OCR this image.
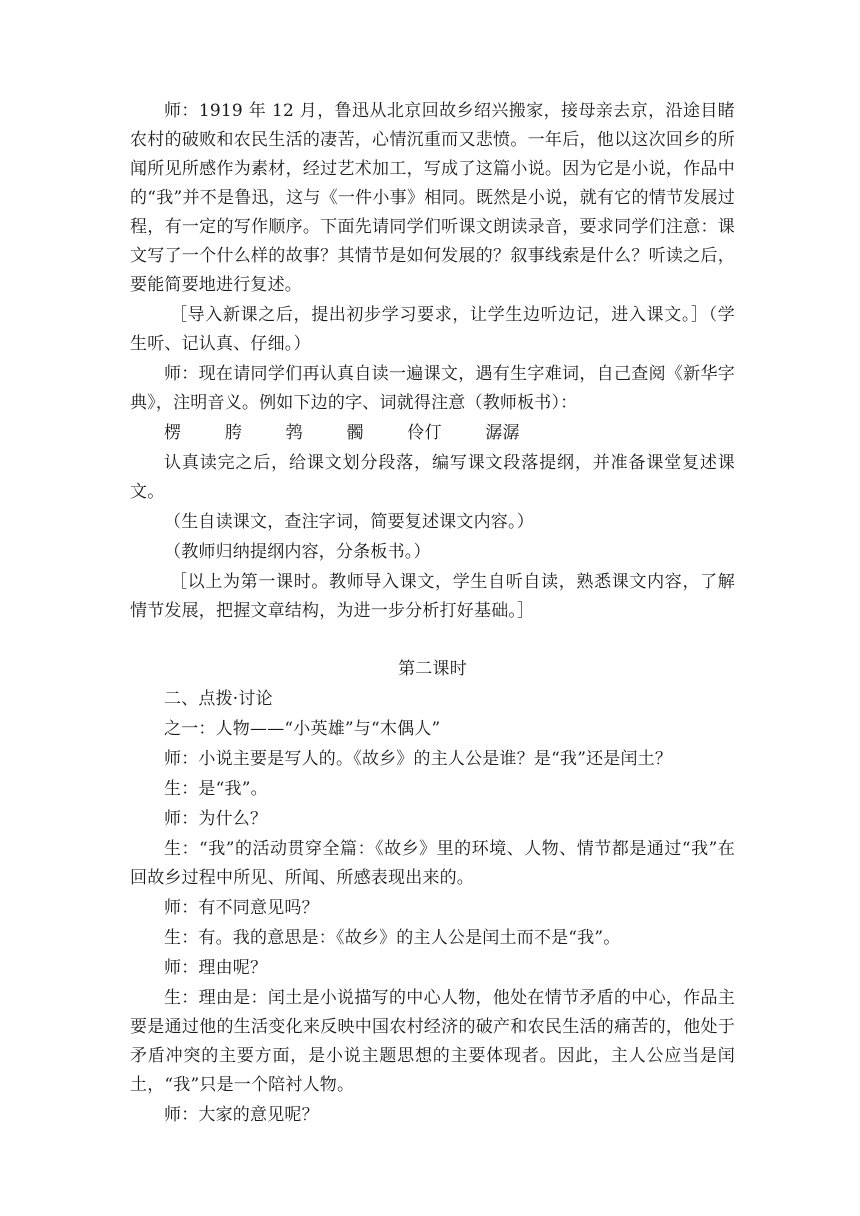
师：1919 年 12 月，鲁迅从北京回故乡绍兴搬家，接母亲去京，沿途目睹农村的破败和农民生活的凄苦，心情沉重而又悲愤。一年后，他以这次回乡的所闻所见所感作为素材，经过艺术加工，写成了这篇小说。因为它是小说，作品中的“我”并不是鲁迅，这与《一件小事》相同。既然是小说，就有它的情节发展过程，有一定的写作顺序。下面先请同学们听课文朗读录音，要求同学们注意：课文写了一个什么样的故事？其情节是如何发展的？叙事线索是什么？听读之后，要能简要地进行复述。

［导入新课之后，提出初步学习要求，让学生边听边记，进入课文。］（学生听、记认真、仔细。）

师：现在请同学们再认真自读一遍课文，遇有生字难词，自己查阅《新华字典》，注明音义。例如下边的字、词就得注意（教师板书）：

楞	胯	鹁	髑	伶仃	潺潺

认真读完之后，给课文划分段落，编写课文段落提纲，并准备课堂复述课文。

（生自读课文，查注字词，简要复述课文内容。）

（教师归纳提纲内容，分条板书。）

［以上为第一课时。教师导入课文，学生自听自读，熟悉课文内容，了解情节发展，把握文章结构，为进一步分析打好基础。］

第二课时

二、点拨·讨论

之一：人物——“小英雄”与“木偶人”

师：小说主要是写人的。《故乡》的主人公是谁？是“我”还是闰土？

生：是“我”。

师：为什么？

生：“我”的活动贯穿全篇：《故乡》里的环境、人物、情节都是通过“我”在回故乡过程中所见、所闻、所感表现出来的。

师：有不同意见吗？

生：有。我的意思是：《故乡》的主人公是闰土而不是“我”。

师：理由呢？

生：理由是：闰土是小说描写的中心人物，他处在情节矛盾的中心，作品主要是通过他的生活变化来反映中国农村经济的破产和农民生活的痛苦的，他处于矛盾冲突的主要方面，是小说主题思想的主要体现者。因此，主人公应当是闰土，“我”只是一个陪衬人物。

师：大家的意见呢？
